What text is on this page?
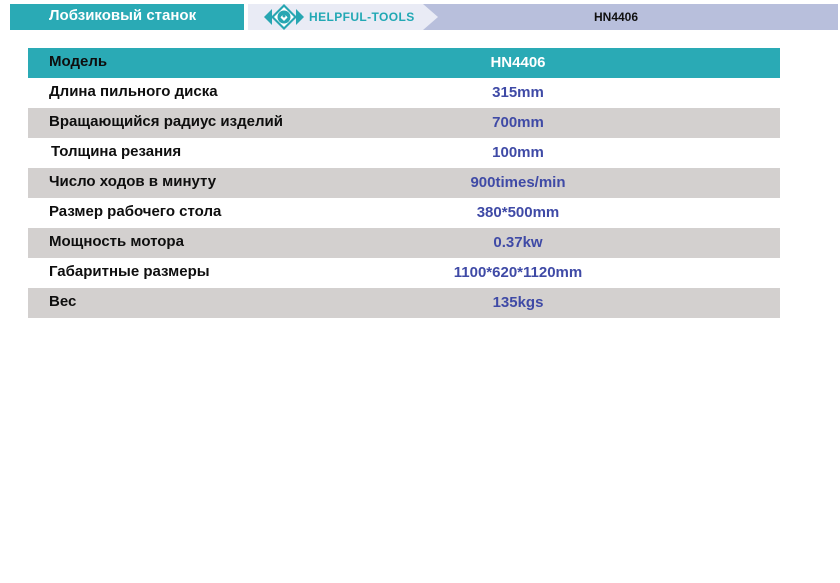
Лобзиковый станок	HELPFUL-TOOLS	HN4406
Модель	HN4406
Длина пильного диска	315mm
Вращающийся радиус изделий	700mm
Толщина резания	100mm
Число ходов в минуту	900times/min
Размер рабочего стола	380*500mm
Мощность мотора	0.37kw
Габаритные размеры	1100*620*1120mm
Вес	135kgs
